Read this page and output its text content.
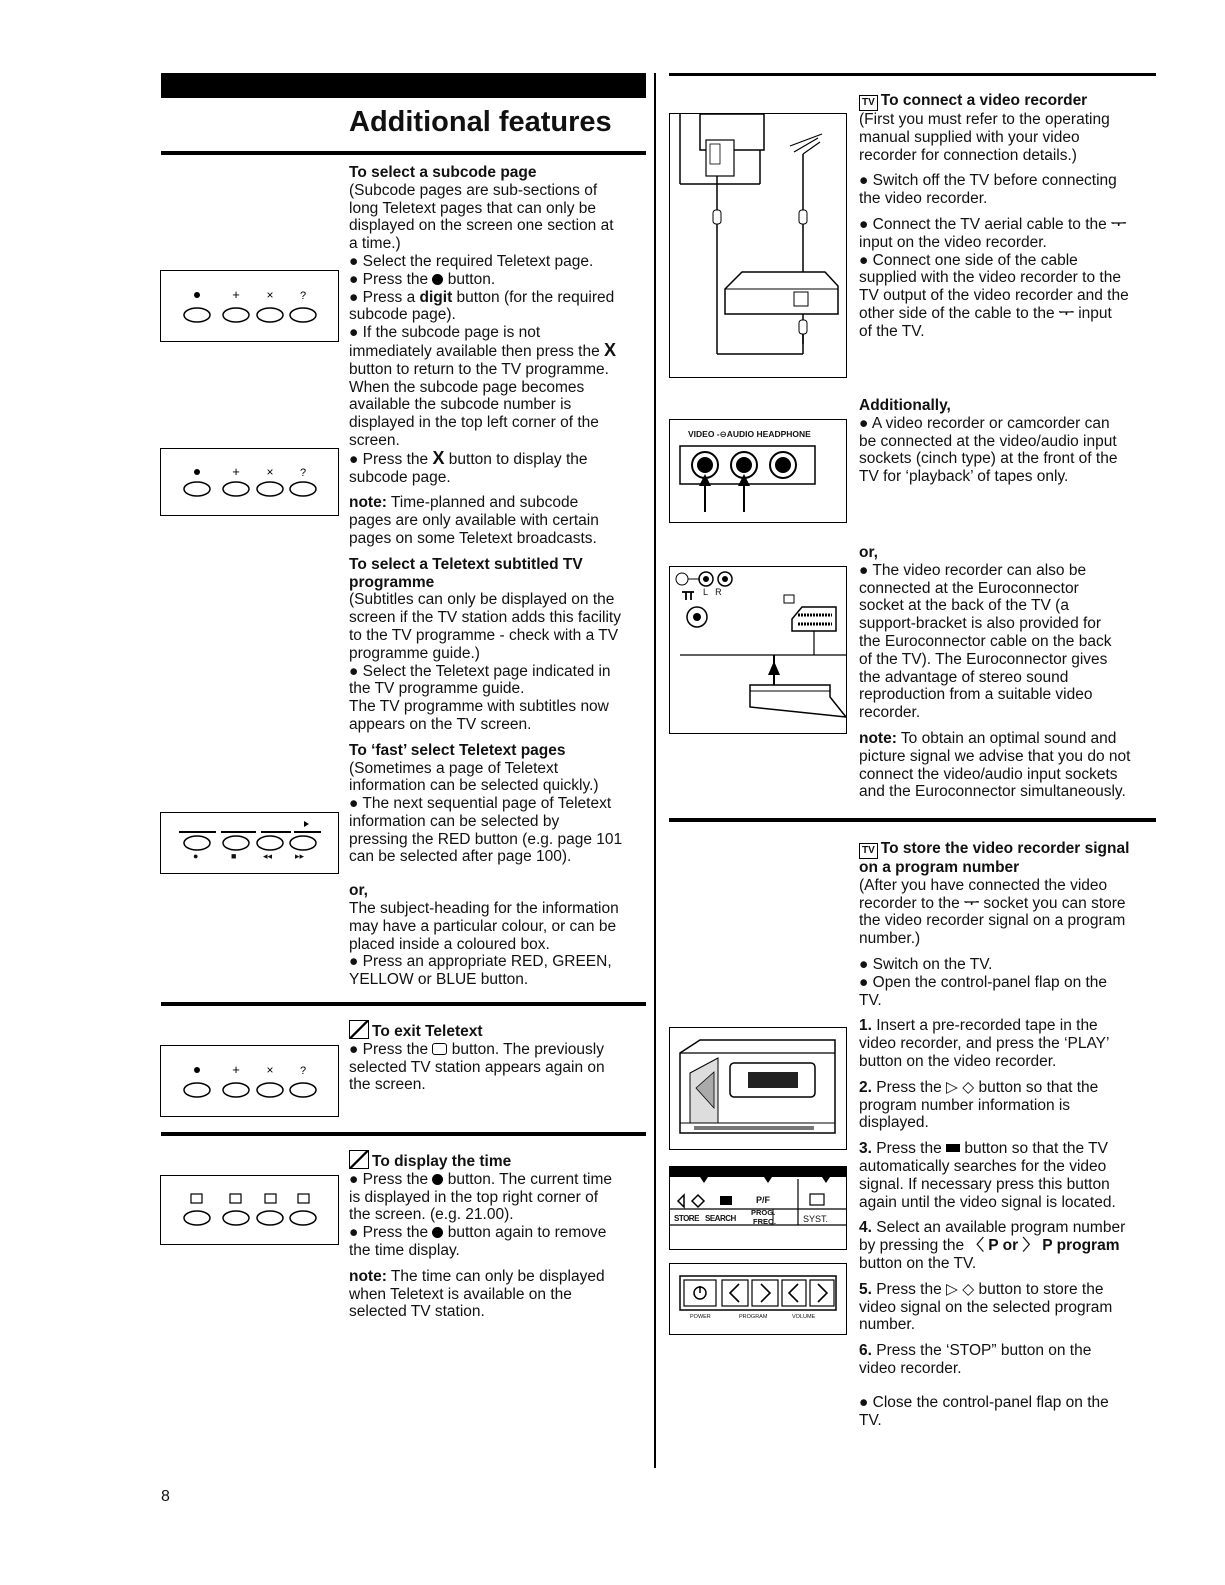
Additional features
+ × ?
+ × ?
●	■	◂◂	▸▸
+ × ?

To select a subcode page

(Subcode pages are sub-sections of

long Teletext pages that can only be

displayed on the screen one section at

a time.)

● Select the required Teletext page.

● Press the  button.

● Press a digit button (for the required

subcode page).

● If the subcode page is not

immediately available then press the X

button to return to the TV programme.

When the subcode page becomes

available the subcode number is

displayed in the top left corner of the

screen.

● Press the X button to display the

subcode page.

note: Time-planned and subcode

pages are only available with certain

pages on some Teletext broadcasts.

To select a Teletext subtitled TV

programme

(Subtitles can only be displayed on the

screen if the TV station adds this facility

to the TV programme - check with a TV

programme guide.)

● Select the Teletext page indicated in

the TV programme guide.

The TV programme with subtitles now

appears on the TV screen.

To ‘fast’ select Teletext pages

(Sometimes a page of Teletext

information can be selected quickly.)

● The next sequential page of Teletext

information can be selected by

pressing the RED button (e.g. page 101

can be selected after page 100).

or,

The subject-heading for the information

may have a particular colour, or can be

placed inside a coloured box.

● Press an appropriate RED, GREEN,

YELLOW or BLUE button.

To exit Teletext

● Press the  button. The previously

selected TV station appears again on

the screen.

To display the time

● Press the  button. The current time

is displayed in the top right corner of

the screen. (e.g. 21.00).

● Press the  button again to remove

the time display.

note: The time can only be displayed

when Teletext is available on the

selected TV station.

8
VIDEO -⊖AUDIO HEADPHONE
L   R
P/F
STORE SEARCH
PROG.
FREQ.	SYST.
POWER	PROGRAM	VOLUME

TV To connect a video recorder

(First you must refer to the operating

manual supplied with your video

recorder for connection details.)

● Switch off the TV before connecting

the video recorder.

● Connect the TV aerial cable to the ᅮ

input on the video recorder.

● Connect one side of the cable

supplied with the video recorder to the

TV output of the video recorder and the

other side of the cable to the ᅮ input

of the TV.

Additionally,

● A video recorder or camcorder can

be connected at the video/audio input

sockets (cinch type) at the front of the

TV for ‘playback’ of tapes only.

or,

● The video recorder can also be

connected at the Euroconnector

socket at the back of the TV (a

support-bracket is also provided for

the Euroconnector cable on the back

of the TV). The Euroconnector gives

the advantage of stereo sound

reproduction from a suitable video

recorder.

note: To obtain an optimal sound and

picture signal we advise that you do not

connect the video/audio input sockets

and the Euroconnector simultaneously.

TV To store the video recorder signal

on a program number

(After you have connected the video

recorder to the ᅮ socket you can store

the video recorder signal on a program

number.)

● Switch on the TV.

● Open the control-panel flap on the

TV.

1. Insert a pre-recorded tape in the

video recorder, and press the ‘PLAY’

button on the video recorder.

2. Press the ▷ ◇ button so that the

program number information is

displayed.

3. Press the  button so that the TV

automatically searches for the video

signal. If necessary press this button

again until the video signal is located.

4. Select an available program number

by pressing the 〈 P or 〉 P program

button on the TV.

5. Press the ▷ ◇ button to store the

video signal on the selected program

number.

6. Press the ‘STOP” button on the

video recorder.

● Close the control-panel flap on the

TV.
